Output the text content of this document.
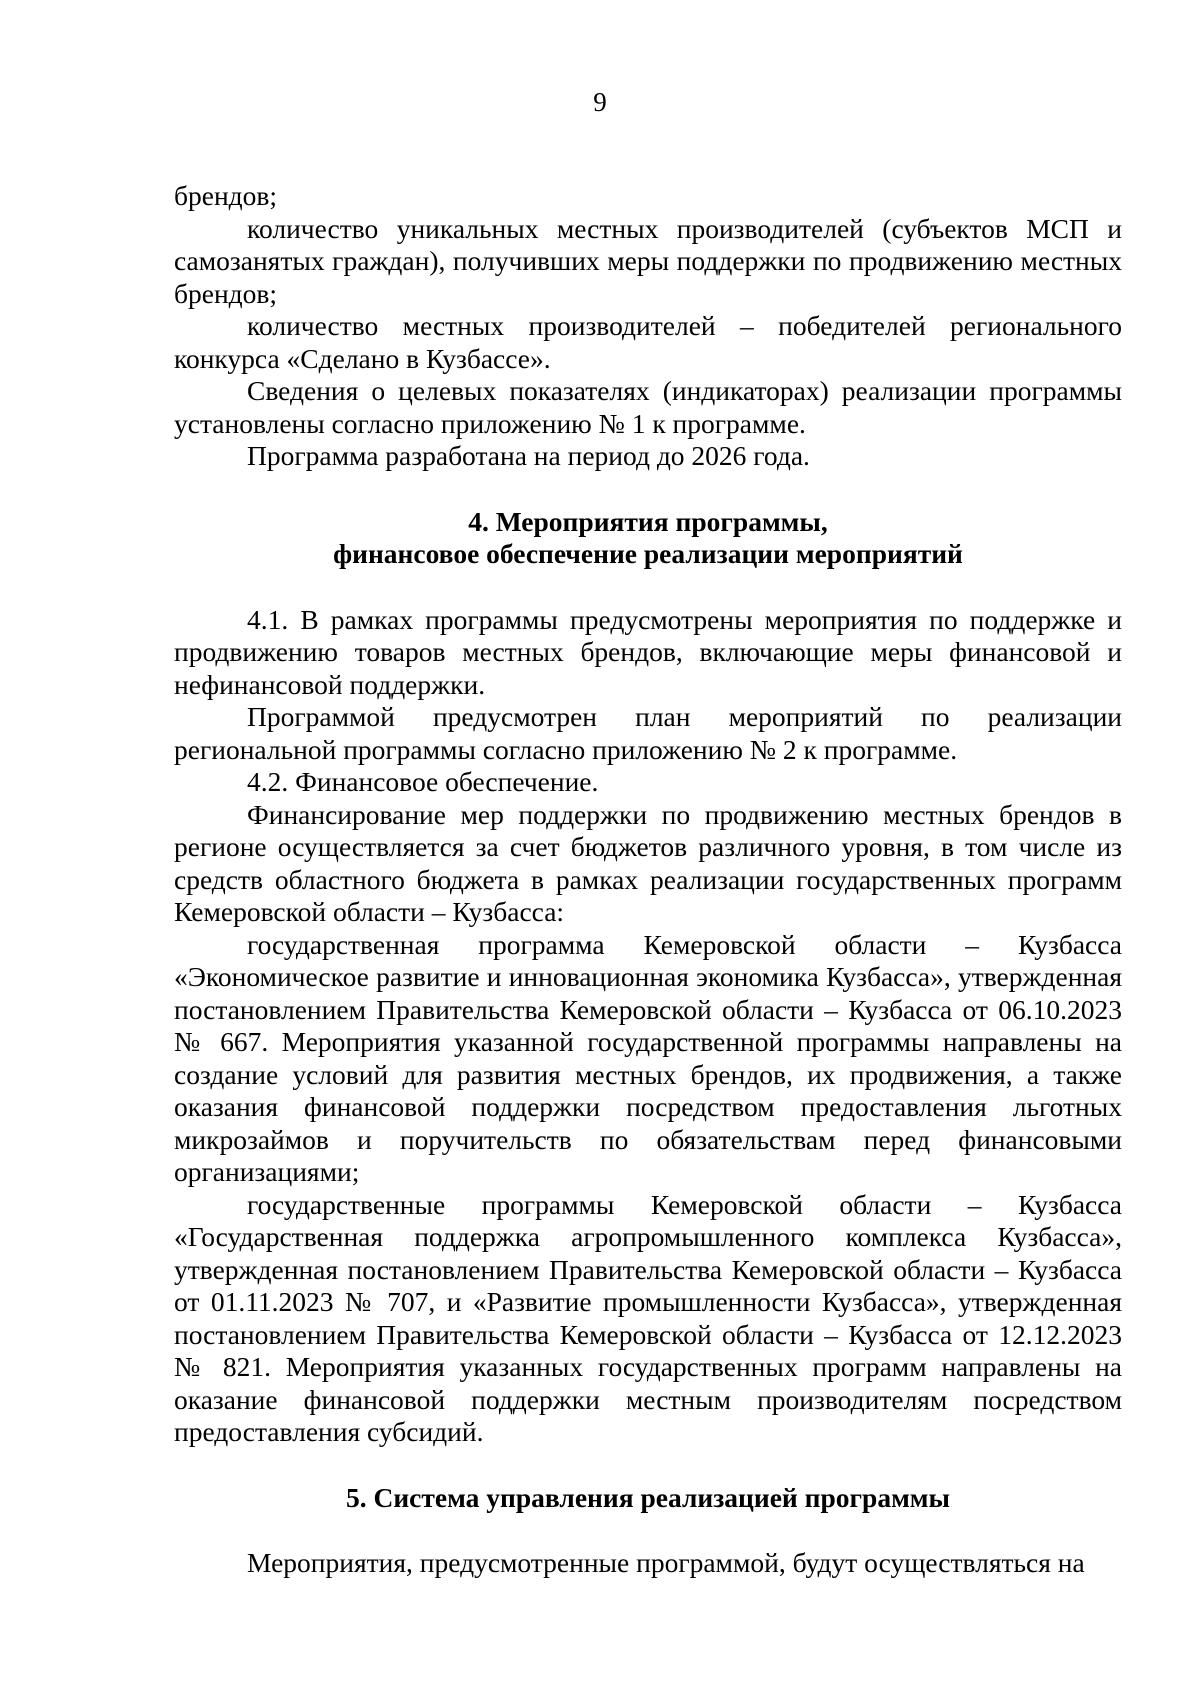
9

брендов;

количество уникальных местных производителей (субъектов МСП и самозанятых граждан), получивших меры поддержки по продвижению местных брендов;

количество местных производителей – победителей регионального конкурса «Сделано в Кузбассе».

Сведения о целевых показателях (индикаторах) реализации программы установлены согласно приложению № 1 к программе.

Программа разработана на период до 2026 года.

4. Мероприятия программы,
финансовое обеспечение реализации мероприятий

4.1. В рамках программы предусмотрены мероприятия по поддержке и продвижению товаров местных брендов, включающие меры финансовой и нефинансовой поддержки.

Программой предусмотрен план мероприятий по реализации региональной программы согласно приложению № 2 к программе.

4.2. Финансовое обеспечение.

Финансирование мер поддержки по продвижению местных брендов в регионе осуществляется за счет бюджетов различного уровня, в том числе из средств областного бюджета в рамках реализации государственных программ Кемеровской области – Кузбасса:

государственная программа Кемеровской области – Кузбасса «Экономическое развитие и инновационная экономика Кузбасса», утвержденная постановлением Правительства Кемеровской области – Кузбасса от 06.10.2023 № 667. Мероприятия указанной государственной программы направлены на создание условий для развития местных брендов, их продвижения, а также оказания финансовой поддержки посредством предоставления льготных микрозаймов и поручительств по обязательствам перед финансовыми организациями;

государственные программы Кемеровской области – Кузбасса «Государственная поддержка агропромышленного комплекса Кузбасса», утвержденная постановлением Правительства Кемеровской области – Кузбасса от 01.11.2023 № 707, и «Развитие промышленности Кузбасса», утвержденная постановлением Правительства Кемеровской области – Кузбасса от 12.12.2023 № 821. Мероприятия указанных государственных программ направлены на оказание финансовой поддержки местным производителям посредством предоставления субсидий.

5. Система управления реализацией программы

Мероприятия, предусмотренные программой, будут осуществляться на
